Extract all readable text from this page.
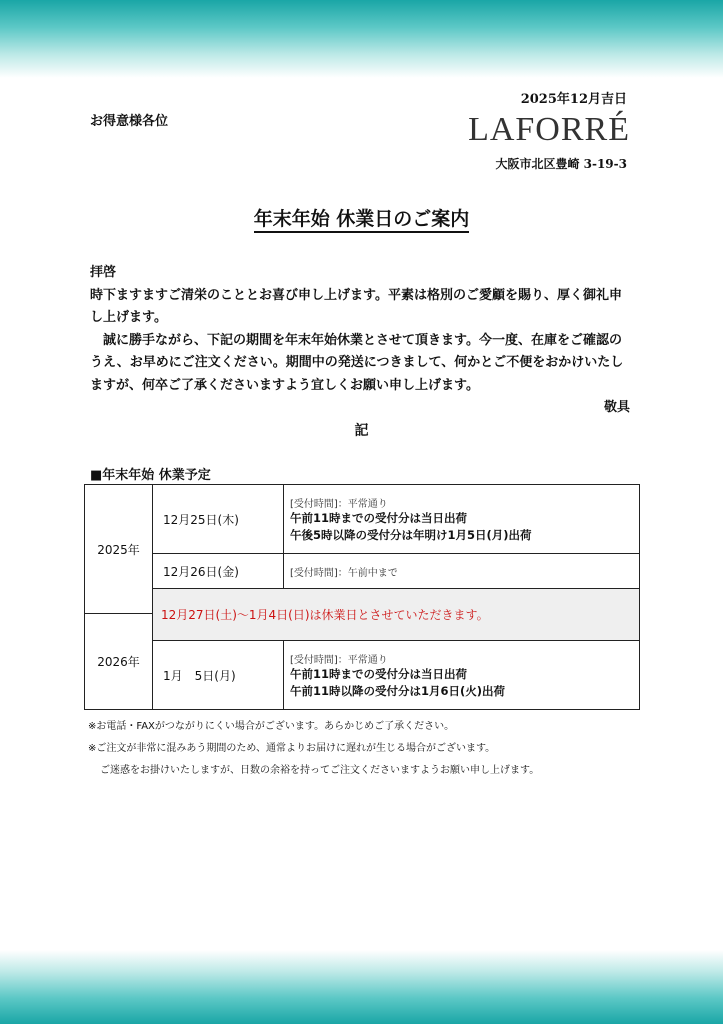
2025年12月吉日
お得意様各位	LAFORRÉ
大阪市北区豊崎 3-19-3
年末年始 休業日のご案内

拝啓

時下ますますご清栄のこととお喜び申し上げます。平素は格別のご愛顧を賜り、厚く御礼申し上げます。

誠に勝手ながら、下記の期間を年末年始休業とさせて頂きます。今一度、在庫をご確認のうえ、お早めにご注文ください。期間中の発送につきまして、何かとご不便をおかけいたしますが、何卒ご了承くださいますよう宜しくお願い申し上げます。

敬具

記
■年末年始 休業予定
2025年
2026年
12月25日(木)
[受付時間]：平常通り
午前11時までの受付分は当日出荷
午後5時以降の受付分は年明け1月5日(月)出荷
12月26日(金)	[受付時間]：午前中まで
12月27日(土)～1月4日(日)は休業日とさせていただきます。
1月　5日(月)
[受付時間]：平常通り
午前11時までの受付分は当日出荷
午前11時以降の受付分は1月6日(火)出荷
※お電話・FAXがつながりにくい場合がございます。あらかじめご了承ください。
※ご注文が非常に混みあう期間のため、通常よりお届けに遅れが生じる場合がございます。
ご迷惑をお掛けいたしますが、日数の余裕を持ってご注文くださいますようお願い申し上げます。
